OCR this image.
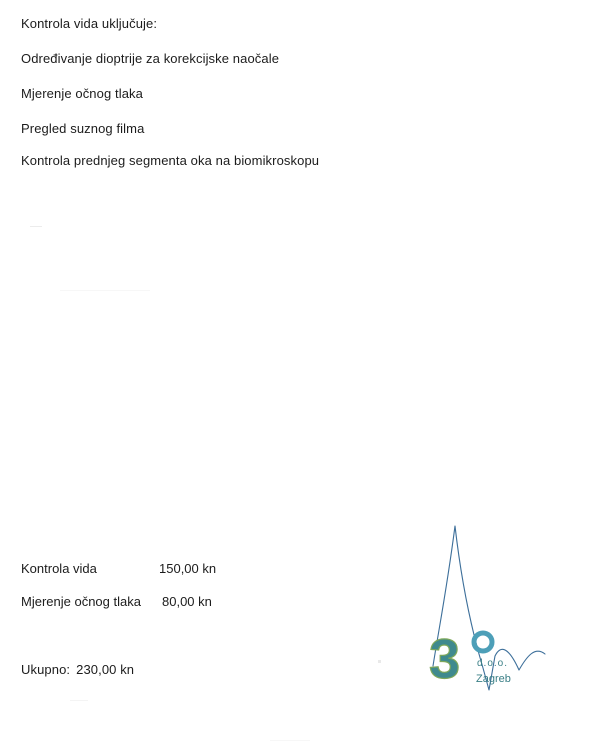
Kontrola vida uključuje:
Određivanje dioptrije za korekcijske naočale
Mjerenje očnog tlaka
Pregled suznog filma
Kontrola prednjeg segmenta oka na biomikroskopu
Kontrola vida	150,00 kn
Mjerenje očnog tlaka 80,00 kn
Ukupno: 230,00 kn	3 d.o.o.
Zagreb
